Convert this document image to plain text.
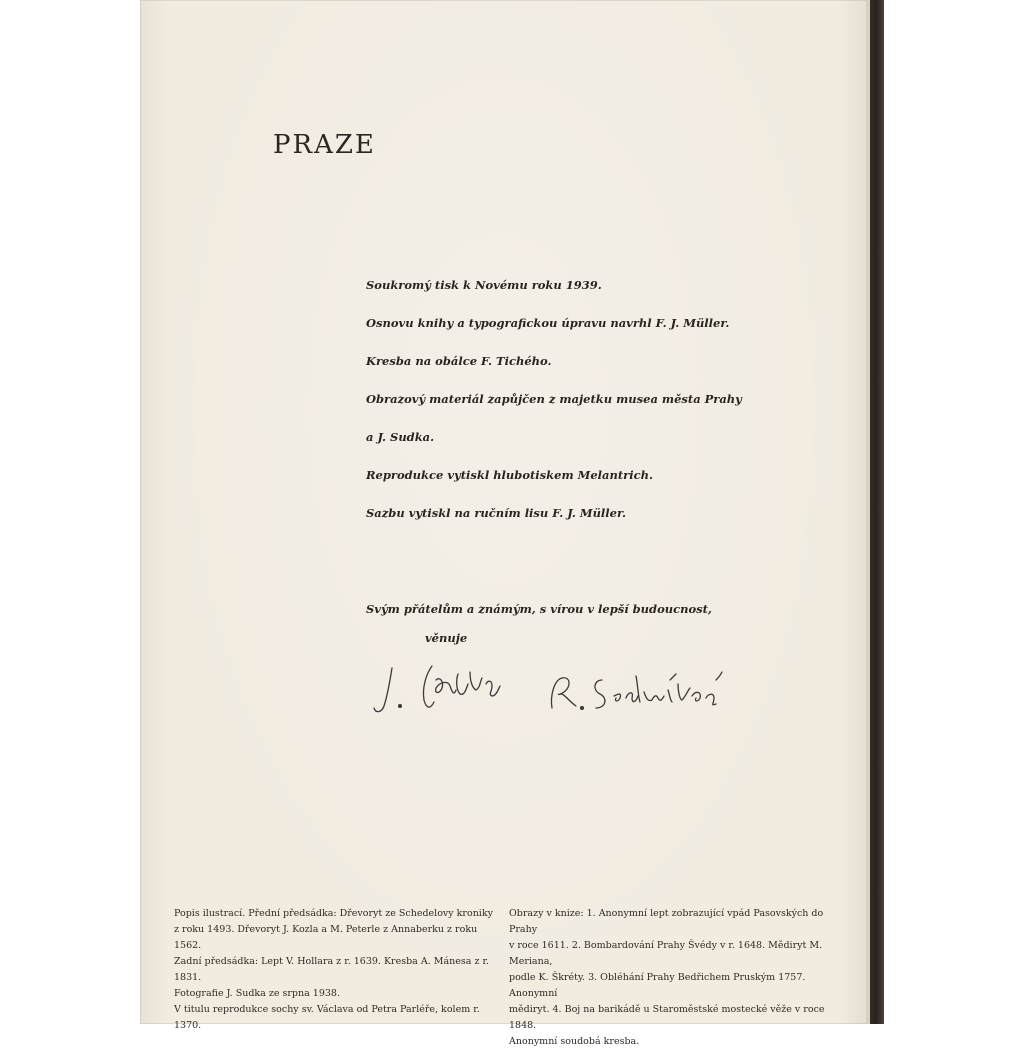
PRAZE
Soukromý tisk k Novému roku 1939.
Osnovu knihy a typografickou úpravu navrhl F. J. Müller.
Kresba na obálce F. Tichého.
Obrazový materiál zapůjčen z majetku musea města Prahy
a J. Sudka.
Reprodukce vytiskl hlubotiskem Melantrich.
Sazbu vytiskl na ručním lisu F. J. Müller.

Svým přátelům a známým, s vírou v lepší budoucnost,

věnuje

Popis ilustrací. Přední předsádka: Dřevoryt ze Schedelovy kroniky
z roku 1493. Dřevoryt J. Kozla a M. Peterle z Annaberku z roku 1562.
Zadní předsádka: Lept V. Hollara z r. 1639. Kresba A. Mánesa z r. 1831.
Fotografie J. Sudka ze srpna 1938.
V titulu reprodukce sochy sv. Václava od Petra Parléře, kolem r. 1370.

Obrazy v knize: 1. Anonymní lept zobrazující vpád Pasovských do Prahy
v roce 1611. 2. Bombardování Prahy Švédy v r. 1648. Mědiryt M. Meriana,
podle K. Škréty. 3. Obléhání Prahy Bedřichem Pruským 1757. Anonymní
mědiryt. 4. Boj na barikádě u Staroměstské mostecké věže v roce 1848.
Anonymní soudobá kresba.
